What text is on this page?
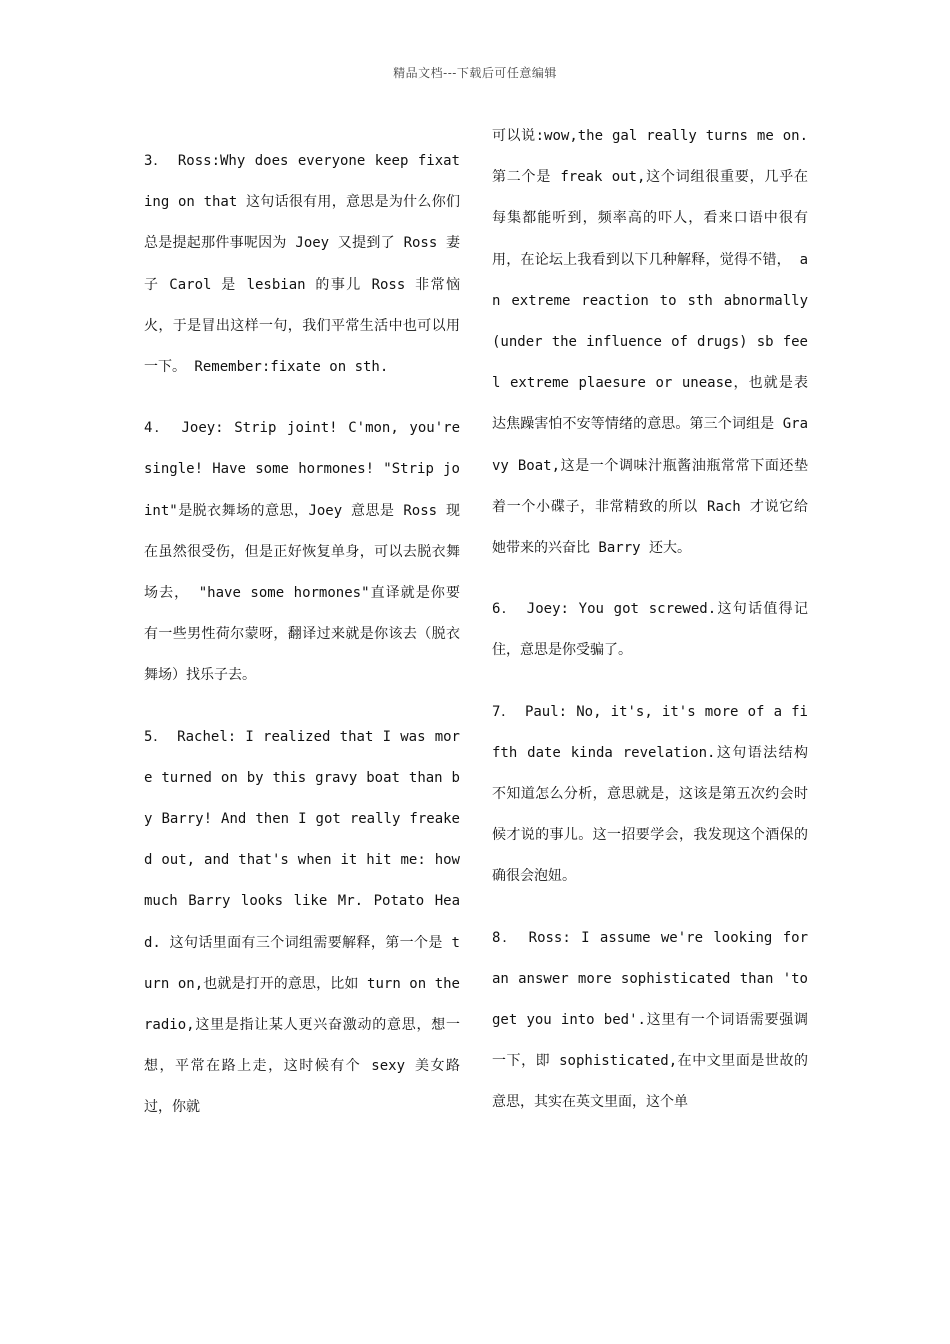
精品文档---下载后可任意编辑

3． Ross:Why does everyone keep fixating on that 这句话很有用，意思是为什么你们总是提起那件事呢因为 Joey 又提到了 Ross 妻子 Carol 是 lesbian 的事儿 Ross 非常恼火，于是冒出这样一句，我们平常生活中也可以用一下。 Remember:fixate on sth.

4． Joey: Strip joint! C'mon, you're single! Have some hormones! "Strip joint"是脱衣舞场的意思，Joey 意思是 Ross 现在虽然很受伤，但是正好恢复单身，可以去脱衣舞场去， "have some hormones"直译就是你要有一些男性荷尔蒙呀，翻译过来就是你该去（脱衣舞场）找乐子去。

5． Rachel: I realized that I was more turned on by this gravy boat than by Barry! And then I got really freaked out, and that's when it hit me: how much Barry looks like Mr. Potato Head. 这句话里面有三个词组需要解释，第一个是 turn on,也就是打开的意思，比如 turn on the radio,这里是指让某人更兴奋激动的意思，想一想，平常在路上走，这时候有个 sexy 美女路过，你就

可以说:wow,the gal really turns me on.第二个是 freak out,这个词组很重要，几乎在每集都能听到，频率高的吓人，看来口语中很有用，在论坛上我看到以下几种解释，觉得不错， an extreme reaction to sth abnormally (under the influence of drugs) sb feel extreme plaesure or unease，也就是表达焦躁害怕不安等情绪的意思。第三个词组是 Gravy Boat,这是一个调味汁瓶酱油瓶常常下面还垫着一个小碟子，非常精致的所以 Rach 才说它给她带来的兴奋比 Barry 还大。

6． Joey: You got screwed.这句话值得记住，意思是你受骗了。

7． Paul: No, it's, it's more of a fifth date kinda revelation.这句语法结构不知道怎么分析，意思就是，这该是第五次约会时候才说的事儿。这一招要学会，我发现这个酒保的确很会泡妞。

8． Ross: I assume we're looking for an answer more sophisticated than 'to get you into bed'.这里有一个词语需要强调一下，即 sophisticated,在中文里面是世故的意思，其实在英文里面，这个单
